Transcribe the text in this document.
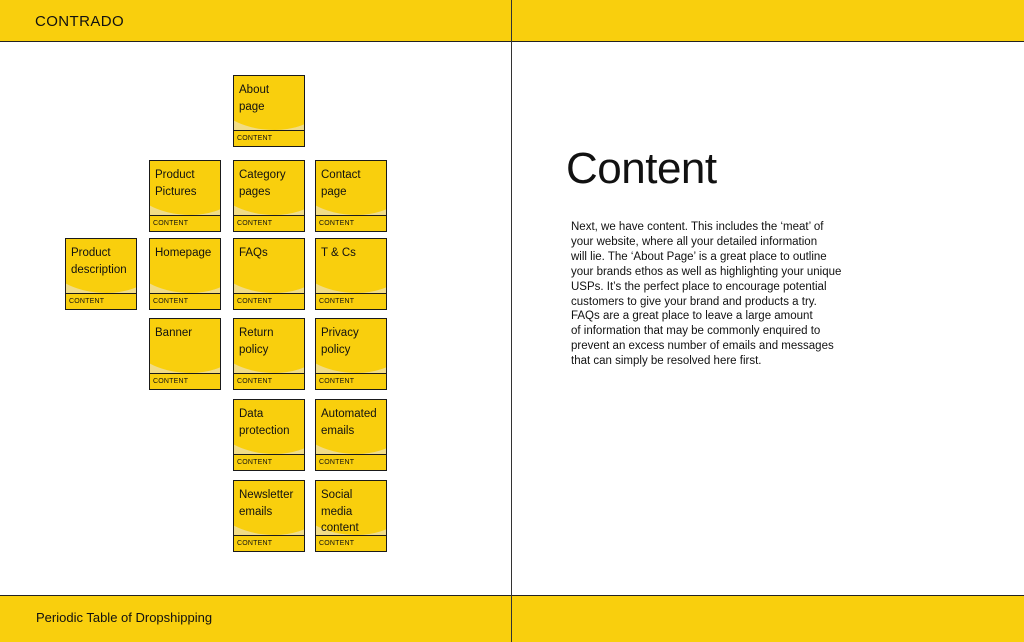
CONTRADO
Periodic Table of Dropshipping
About
page
CONTENT
Product
Pictures
CONTENT
Category
pages
CONTENT
Contact
page
CONTENT
Product
description
CONTENT
Homepage
CONTENT
FAQs
CONTENT
T & Cs
CONTENT
Banner
CONTENT
Return
policy
CONTENT
Privacy
policy
CONTENT
Data
protection
CONTENT
Automated
emails
CONTENT
Newsletter
emails
CONTENT
Social
media
content
CONTENT
Content
Next, we have content. This includes the ‘meat’ of
your website, where all your detailed information
will lie. The ‘About Page’ is a great place to outline
your brands ethos as well as highlighting your unique
USPs. It’s the perfect place to encourage potential
customers to give your brand and products a try.
FAQs are a great place to leave a large amount
of information that may be commonly enquired to
prevent an excess number of emails and messages
that can simply be resolved here first.
